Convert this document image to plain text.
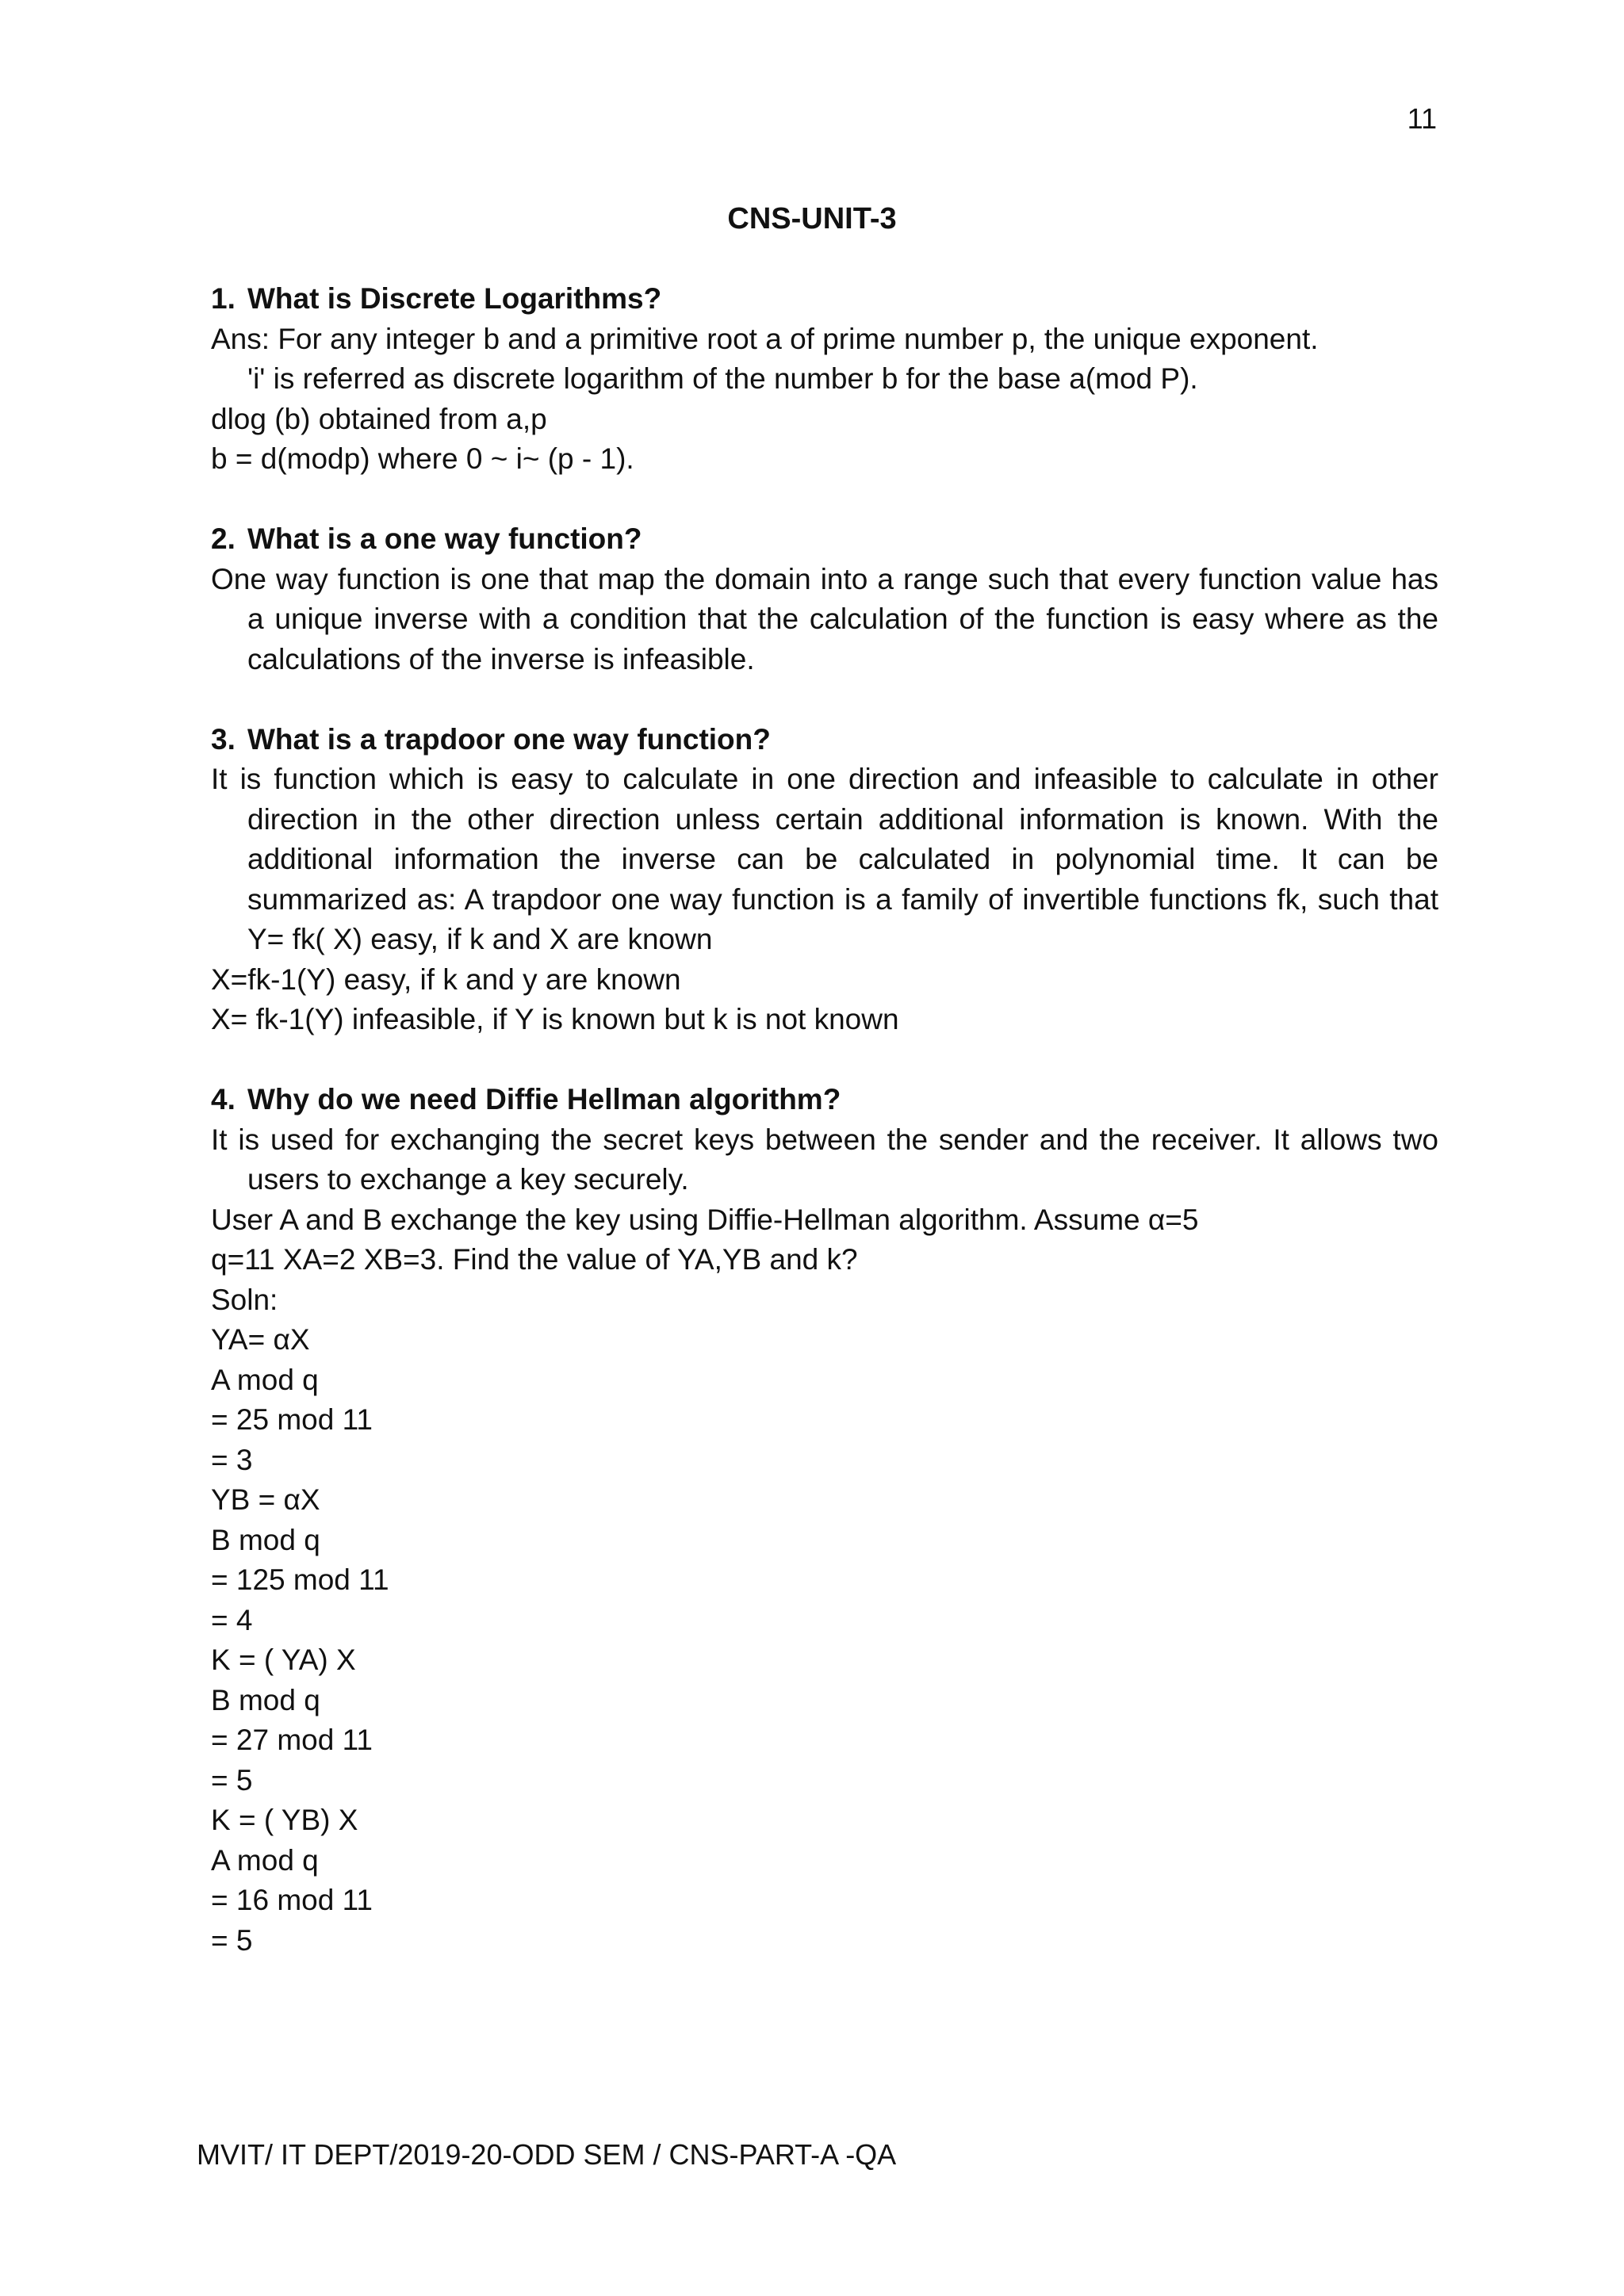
11
CNS-UNIT-3
1. What is Discrete Logarithms?
Ans: For any integer b and a primitive root a of prime number p, the unique exponent.
'i' is referred as discrete logarithm of the number b for the base a(mod P).
dlog (b) obtained from a,p
b = d(modp) where 0 ~ i~ (p - 1).
2. What is a one way function?
One way function is one that map the domain into a range such that every function value has a unique inverse with a condition that the calculation of the function is easy where as the calculations of the inverse is infeasible.
3. What is a trapdoor one way function?
It is function which is easy to calculate in one direction and infeasible to calculate in other direction in the other direction unless certain additional information is known. With the additional information the inverse can be calculated in polynomial time. It can be summarized as: A trapdoor one way function is a family of invertible functions fk, such that Y= fk( X) easy, if k and X are known
X=fk-1(Y) easy, if k and y are known
X= fk-1(Y) infeasible, if Y is known but k is not known
4. Why do we need Diffie Hellman algorithm?
It is used for exchanging the secret keys between the sender and the receiver. It allows two users to exchange a key securely.
User A and B exchange the key using Diffie-Hellman algorithm. Assume α=5
q=11 XA=2 XB=3. Find the value of YA,YB and k?
Soln:
YA= αX
A mod q
= 25 mod 11
= 3
YB = αX
B mod q
= 125 mod 11
= 4
K = ( YA) X
B mod q
= 27 mod 11
= 5
K = ( YB) X
A mod q
= 16 mod 11
= 5
MVIT/ IT DEPT/2019-20-ODD SEM / CNS-PART-A -QA
